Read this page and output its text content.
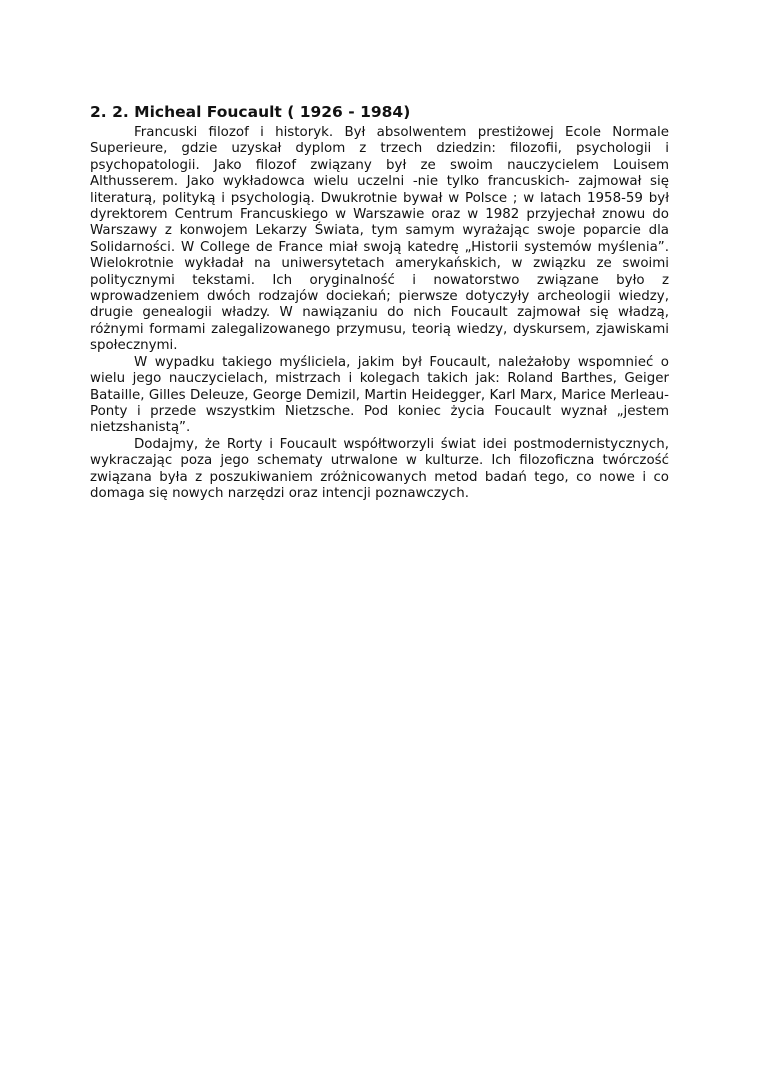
2. 2. Micheal Foucault ( 1926 - 1984)

Francuski filozof i historyk. Był absolwentem prestiżowej Ecole Normale Superieure, gdzie uzyskał dyplom z trzech dziedzin: filozofii, psychologii i psychopatologii. Jako filozof związany był ze swoim nauczycielem Louisem Althusserem. Jako wykładowca wielu uczelni -nie tylko francuskich- zajmował się literaturą, polityką i psychologią. Dwukrotnie bywał w Polsce ; w latach 1958-59 był dyrektorem Centrum Francuskiego w Warszawie oraz w 1982 przyjechał znowu do Warszawy z konwojem Lekarzy Świata, tym samym wyrażając swoje poparcie dla Solidarności. W College de France miał swoją katedrę „Historii systemów myślenia”. Wielokrotnie wykładał na uniwersytetach amerykańskich, w związku ze swoimi politycznymi tekstami. Ich oryginalność i nowatorstwo związane było z wprowadzeniem dwóch rodzajów dociekań; pierwsze dotyczyły archeologii wiedzy, drugie genealogii władzy. W nawiązaniu do nich Foucault zajmował się władzą, różnymi formami zalegalizowanego przymusu, teorią wiedzy, dyskursem, zjawiskami społecznymi.

W wypadku takiego myśliciela, jakim był Foucault, należałoby wspomnieć o wielu jego nauczycielach, mistrzach i kolegach takich jak: Roland Barthes, Geiger Bataille, Gilles Deleuze, George Demizil, Martin Heidegger, Karl Marx, Marice Merleau-Ponty i przede wszystkim Nietzsche. Pod koniec życia Foucault wyznał „jestem nietzshanistą”.

Dodajmy, że Rorty i Foucault współtworzyli świat idei postmodernistycznych, wykraczając poza jego schematy utrwalone w kulturze. Ich filozoficzna twórczość związana była z poszukiwaniem zróżnicowanych metod badań tego, co nowe i co domaga się nowych narzędzi oraz intencji poznawczych.
